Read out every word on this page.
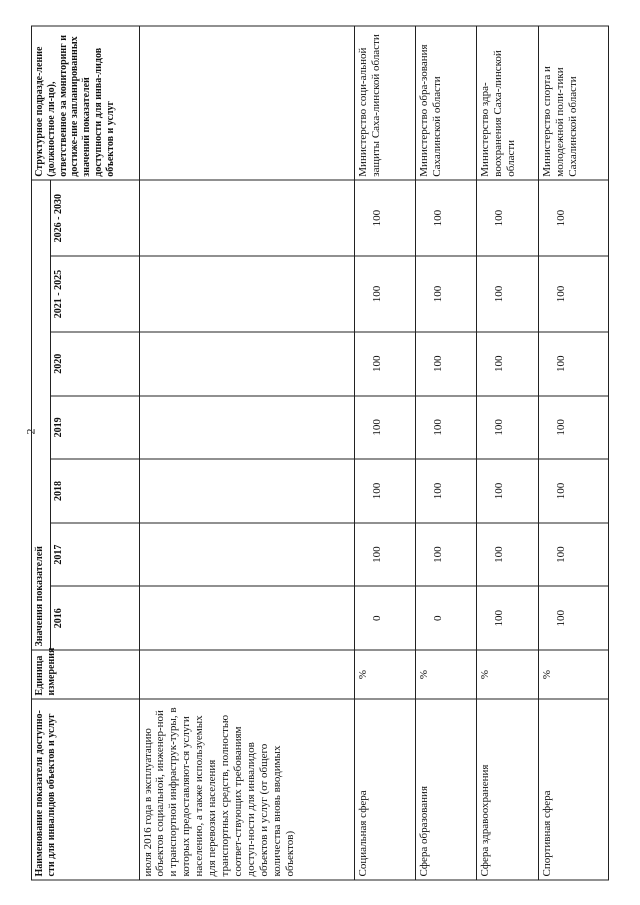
2
Наименование показателя доступно-сти для инвалидов объектов и услуг	Единица измерения	Значения показателей							Структурное подразде-ление (должностное ли-цо), ответственное за мониторинг и достиже-ние запланированных значений показателей доступности для инва-лидов объектов и услуг
		2016	2017	2018	2019	2020	2021 - 2025	2026 - 2030	
июля 2016 года в эксплуатацию объектов социальной, инженер-ной и транспортной инфраструк-туры, в которых предоставляют-ся услуги населению, а также используемых для перевозки населения транспортных средств, полностью соответ-ствующих требованиям доступ-ности для инвалидов объектов и услуг (от общего количества вновь вводимых объектов)									
Социальная сфера	%	0	100	100	100	100	100	100	Министерство соци-альной защиты Саха-линской области
Сфера образования	%	0	100	100	100	100	100	100	Министерство обра-зования Сахалинской области
Сфера здравоохранения	%	100	100	100	100	100	100	100	Министерство здра-воохранения Саха-линской области
Спортивная сфера	%	100	100	100	100	100	100	100	Министерство спорта и молодежной поли-тики Сахалинской области
